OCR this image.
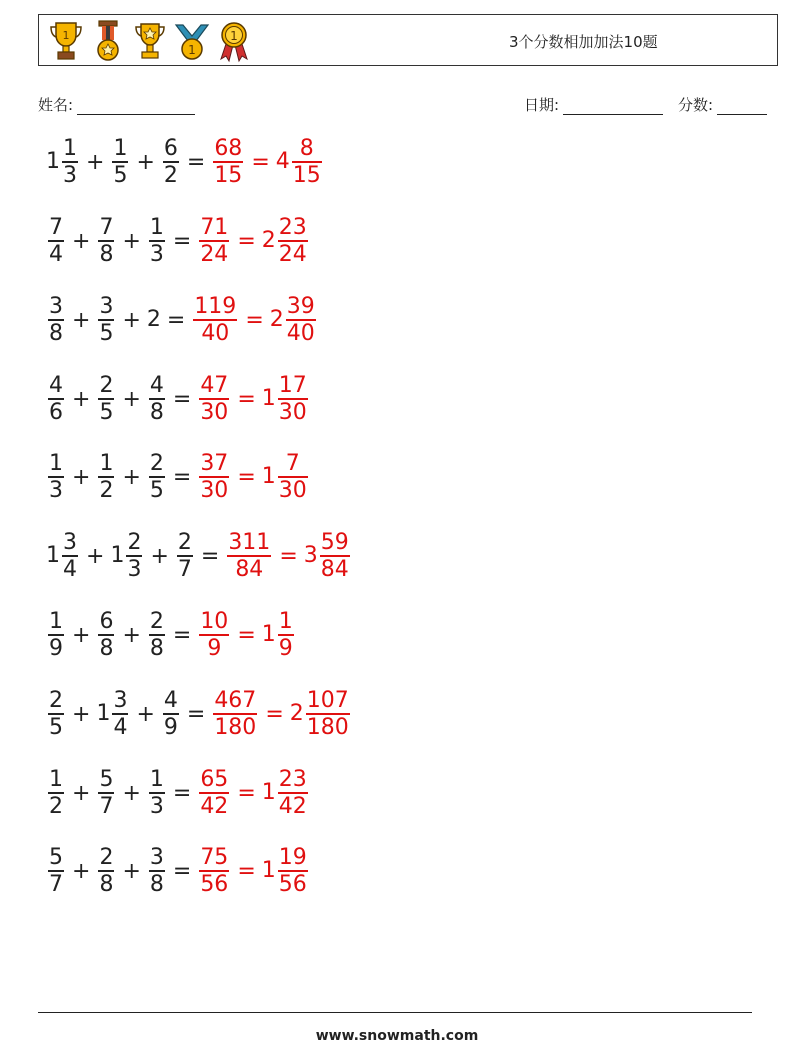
1
1
1	3个分数相加加法10题
姓名:	日期:	分数:
$1 \frac{1}{3} + \frac{1}{5} + \frac{6}{2} = \frac{68}{15} = 4 \frac{8}{15}$
$\frac{7}{4} + \frac{7}{8} + \frac{1}{3} = \frac{71}{24} = 2 \frac{23}{24}$
$\frac{3}{8} + \frac{3}{5} + 2 = \frac{119}{40} = 2 \frac{39}{40}$
$\frac{4}{6} + \frac{2}{5} + \frac{4}{8} = \frac{47}{30} = 1 \frac{17}{30}$
$\frac{1}{3} + \frac{1}{2} + \frac{2}{5} = \frac{37}{30} = 1 \frac{7}{30}$
$1 \frac{3}{4} + 1 \frac{2}{3} + \frac{2}{7} = \frac{311}{84} = 3 \frac{59}{84}$
$\frac{1}{9} + \frac{6}{8} + \frac{2}{8} = \frac{10}{9} = 1 \frac{1}{9}$
$\frac{2}{5} + 1 \frac{3}{4} + \frac{4}{9} = \frac{467}{180} = 2 \frac{107}{180}$
$\frac{1}{2} + \frac{5}{7} + \frac{1}{3} = \frac{65}{42} = 1 \frac{23}{42}$
$\frac{5}{7} + \frac{2}{8} + \frac{3}{8} = \frac{75}{56} = 1 \frac{19}{56}$
www.snowmath.com
